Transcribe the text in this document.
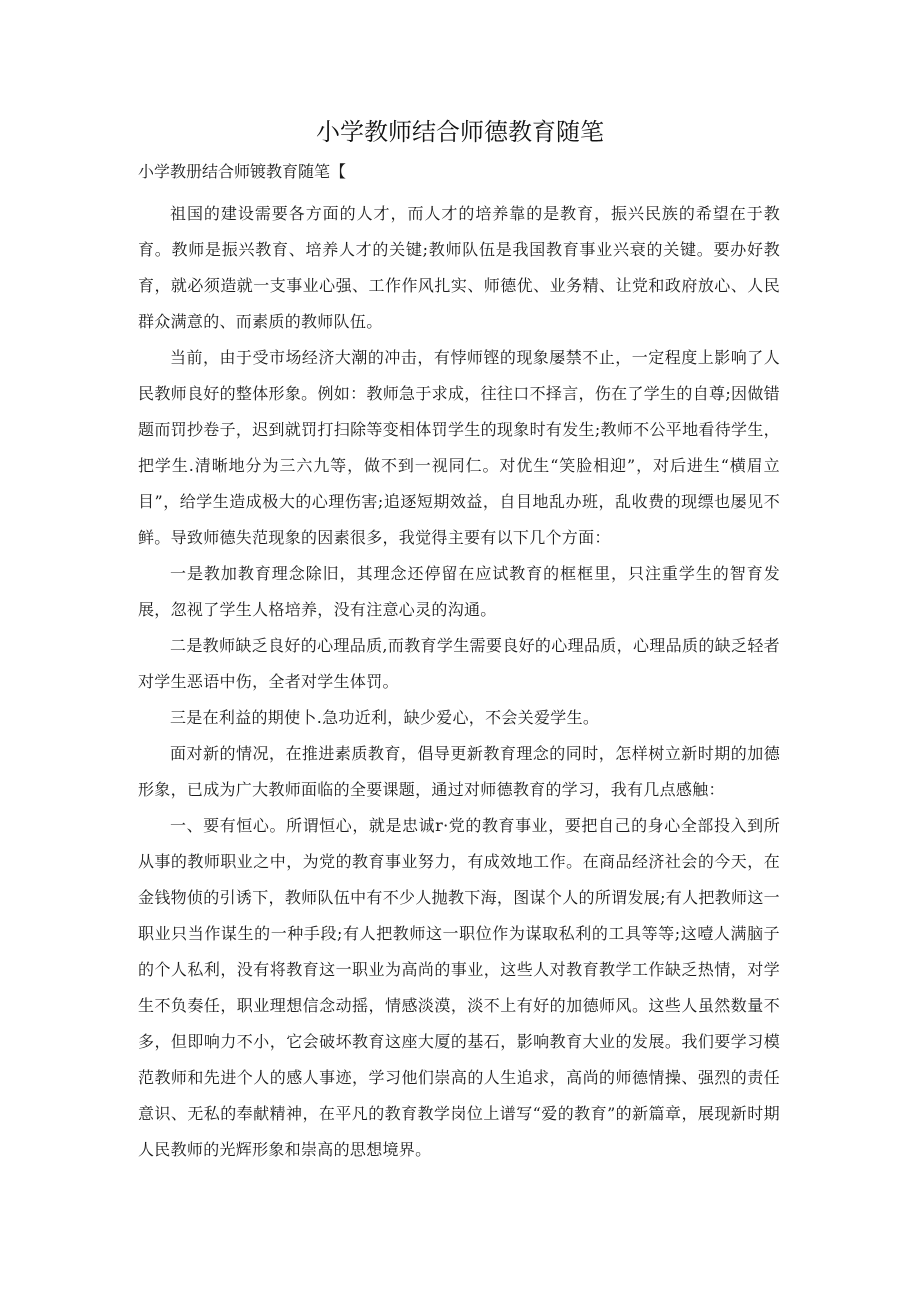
小学教师结合师德教育随笔

小学教册结合师镀教育随笔【

祖国的建设需要各方面的人才，而人才的培养靠的是教育，振兴民族的希望在于教育。教师是振兴教育、培养人才的关键;教师队伍是我国教育事业兴衰的关键。要办好教育，就必须造就一支事业心强、工作作风扎实、师德优、业务精、让党和政府放心、人民群众满意的、而素质的教师队伍。

当前，由于受市场经济大潮的冲击，有悖师铿的现象屡禁不止，一定程度上影响了人民教师良好的整体形象。例如：教师急于求成，往往口不择言，伤在了学生的自尊;因做错题而罚抄卷子，迟到就罚打扫除等变相体罚学生的现象时有发生;教师不公平地看待学生，把学生.清晰地分为三六九等，做不到一视同仁。对优生“笑脸相迎”，对后进生“横眉立目”，给学生造成极大的心理伤害;追逐短期效益，自目地乱办班，乱收费的现缥也屡见不鲜。导致师德失范现象的因素很多，我觉得主要有以下几个方面：

一是教加教育理念除旧，其理念还停留在应试教育的框框里，只注重学生的智育发展，忽视了学生人格培养，没有注意心灵的沟通。

二是教师缺乏良好的心理品质,而教育学生需要良好的心理品质，心理品质的缺乏轻者对学生恶语中伤，全者对学生体罚。

三是在利益的期使卜.急功近利，缺少爱心，不会关爱学生。

面对新的情况，在推进素质教育，倡导更新教育理念的同时，怎样树立新时期的加德形象，已成为广大教师面临的全要课题，通过对师德教育的学习，我有几点感触：

一、要有恒心。所谓恒心，就是忠诚r·党的教育事业，要把自己的身心全部投入到所从事的教师职业之中，为党的教育事业努力，有成效地工作。在商品经济社会的今天，在金钱物侦的引诱下，教师队伍中有不少人抛教下海，图谋个人的所谓发展;有人把教师这一职业只当作谋生的一种手段;有人把教师这一职位作为谋取私利的工具等等;这噎人满脑子的个人私利，没有将教育这一职业为高尚的事业，这些人对教育教学工作缺乏热情，对学生不负奏任，职业理想信念动摇，情感淡漠，淡不上有好的加德师风。这些人虽然数量不多，但即响力不小，它会破坏教育这座大厦的基石，影响教育大业的发展。我们要学习模范教师和先进个人的感人事迹，学习他们崇高的人生追求，高尚的师德情操、强烈的责任意识、无私的奉献精神，在平凡的教育教学岗位上谱写“爱的教育”的新篇章，展现新时期人民教师的光辉形象和崇高的思想境界。
